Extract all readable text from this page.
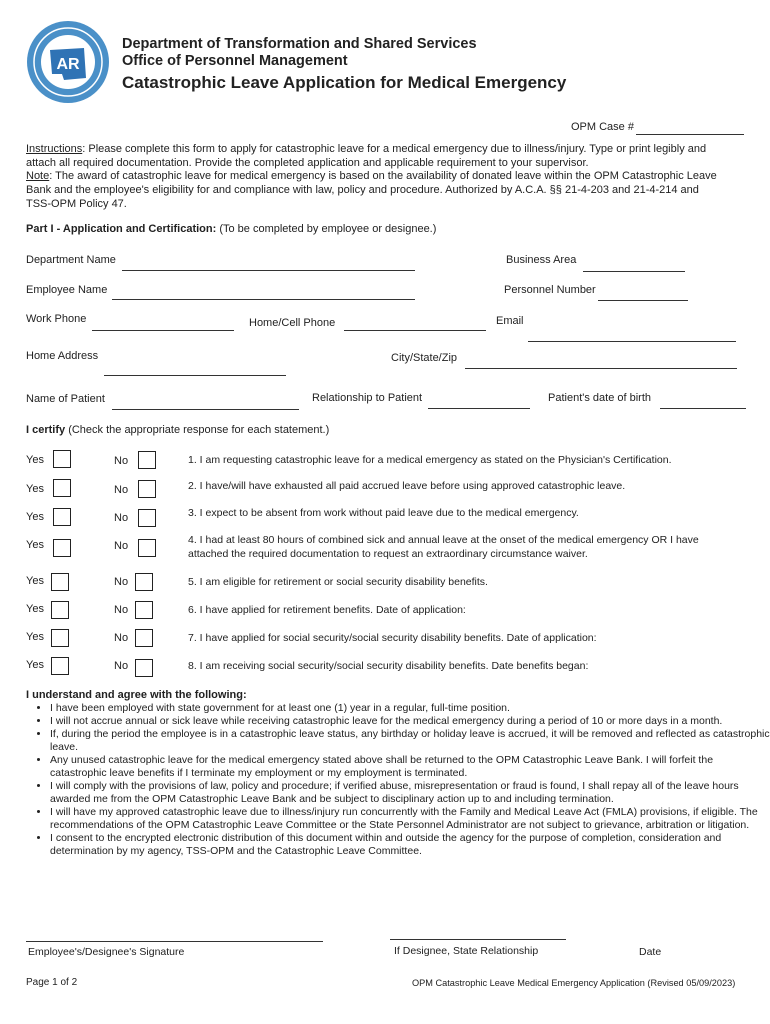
AR
Department of Transformation and Shared Services
Office of Personnel Management
Catastrophic Leave Application for Medical Emergency
OPM Case #
Instructions: Please complete this form to apply for catastrophic leave for a medical emergency due to illness/injury. Type or print legibly and
attach all required documentation. Provide the completed application and applicable requirement to your supervisor.
Note: The award of catastrophic leave for medical emergency is based on the availability of donated leave within the OPM Catastrophic Leave
Bank and the employee's eligibility for and compliance with law, policy and procedure. Authorized by A.C.A. §§ 21-4-203 and 21-4-214 and
TSS-OPM Policy 47.
Part I - Application and Certification: (To be completed by employee or designee.)
Department Name	Business Area
Employee Name	Personnel Number
Work Phone	Home/Cell Phone	Email
Home Address	City/State/Zip
Name of Patient	Relationship to Patient	Patient's date of birth
I certify (Check the appropriate response for each statement.)
Yes	No	1. I am requesting catastrophic leave for a medical emergency as stated on the Physician's Certification.
Yes	No	2. I have/will have exhausted all paid accrued leave before using approved catastrophic leave.
Yes	No	3. I expect to be absent from work without paid leave due to the medical emergency.
Yes	No	4. I had at least 80 hours of combined sick and annual leave at the onset of the medical emergency OR I have
attached the required documentation to request an extraordinary circumstance waiver.
Yes	No	5. I am eligible for retirement or social security disability benefits.
Yes	No	6. I have applied for retirement benefits. Date of application:
Yes	No	7. I have applied for social security/social security disability benefits. Date of application:
Yes	No	8. I am receiving social security/social security disability benefits. Date benefits began:
I understand and agree with the following:
• I have been employed with state government for at least one (1) year in a regular, full-time position.
• I will not accrue annual or sick leave while receiving catastrophic leave for the medical emergency during a period of 10 or more days in a month.
• If, during the period the employee is in a catastrophic leave status, any birthday or holiday leave is accrued, it will be removed and reflected as catastrophic leave.
• Any unused catastrophic leave for the medical emergency stated above shall be returned to the OPM Catastrophic Leave Bank. I will forfeit the catastrophic leave benefits if I terminate my employment or my employment is terminated.
• I will comply with the provisions of law, policy and procedure; if verified abuse, misrepresentation or fraud is found, I shall repay all of the leave hours awarded me from the OPM Catastrophic Leave Bank and be subject to disciplinary action up to and including termination.
• I will have my approved catastrophic leave due to illness/injury run concurrently with the Family and Medical Leave Act (FMLA) provisions, if eligible. The recommendations of the OPM Catastrophic Leave Committee or the State Personnel Administrator are not subject to grievance, arbitration or litigation.
• I consent to the encrypted electronic distribution of this document within and outside the agency for the purpose of completion, consideration and determination by my agency, TSS-OPM and the Catastrophic Leave Committee.
Employee's/Designee's Signature	If Designee, State Relationship	Date
Page 1 of 2	OPM Catastrophic Leave Medical Emergency Application (Revised 05/09/2023)
